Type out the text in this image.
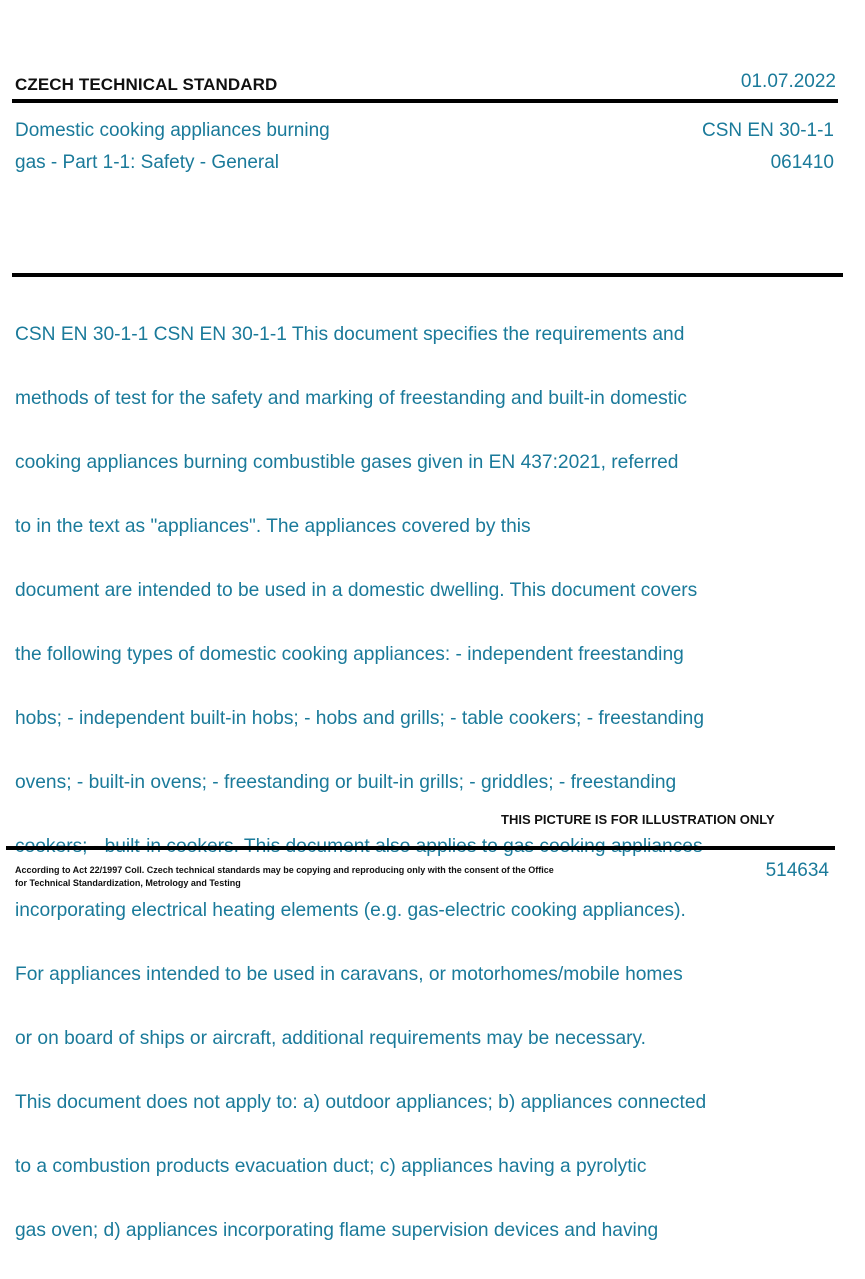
CZECH TECHNICAL STANDARD	01.07.2022
Domestic cooking appliances burning
gas - Part 1-1: Safety - General
CSN EN 30-1-1
061410

CSN EN 30-1-1 CSN EN 30-1-1 This document specifies the requirements and

methods of test for the safety and marking of freestanding and built-in domestic

cooking appliances burning combustible gases given in EN 437:2021, referred

to in the text as "appliances". The appliances covered by this

document are intended to be used in a domestic dwelling. This document covers

the following types of domestic cooking appliances: - independent freestanding

hobs; - independent built-in hobs; - hobs and grills; - table cookers; - freestanding

ovens; - built-in ovens; - freestanding or built-in grills; - griddles; - freestanding

incorporating electrical heating elements (e.g. gas-electric cooking appliances).

For appliances intended to be used in caravans, or motorhomes/mobile homes

or on board of ships or aircraft, additional requirements may be necessary.

This document does not apply to: a) outdoor appliances; b) appliances connected

to a combustion products evacuation duct; c) appliances having a pyrolytic

gas oven; d) appliances incorporating flame supervision devices and having

THIS PICTURE IS FOR ILLUSTRATION ONLY
According to Act 22/1997 Coll. Czech technical standards may be copying and reproducing only with the consent of the Office
for Technical Standardization, Metrology and Testing
514634
